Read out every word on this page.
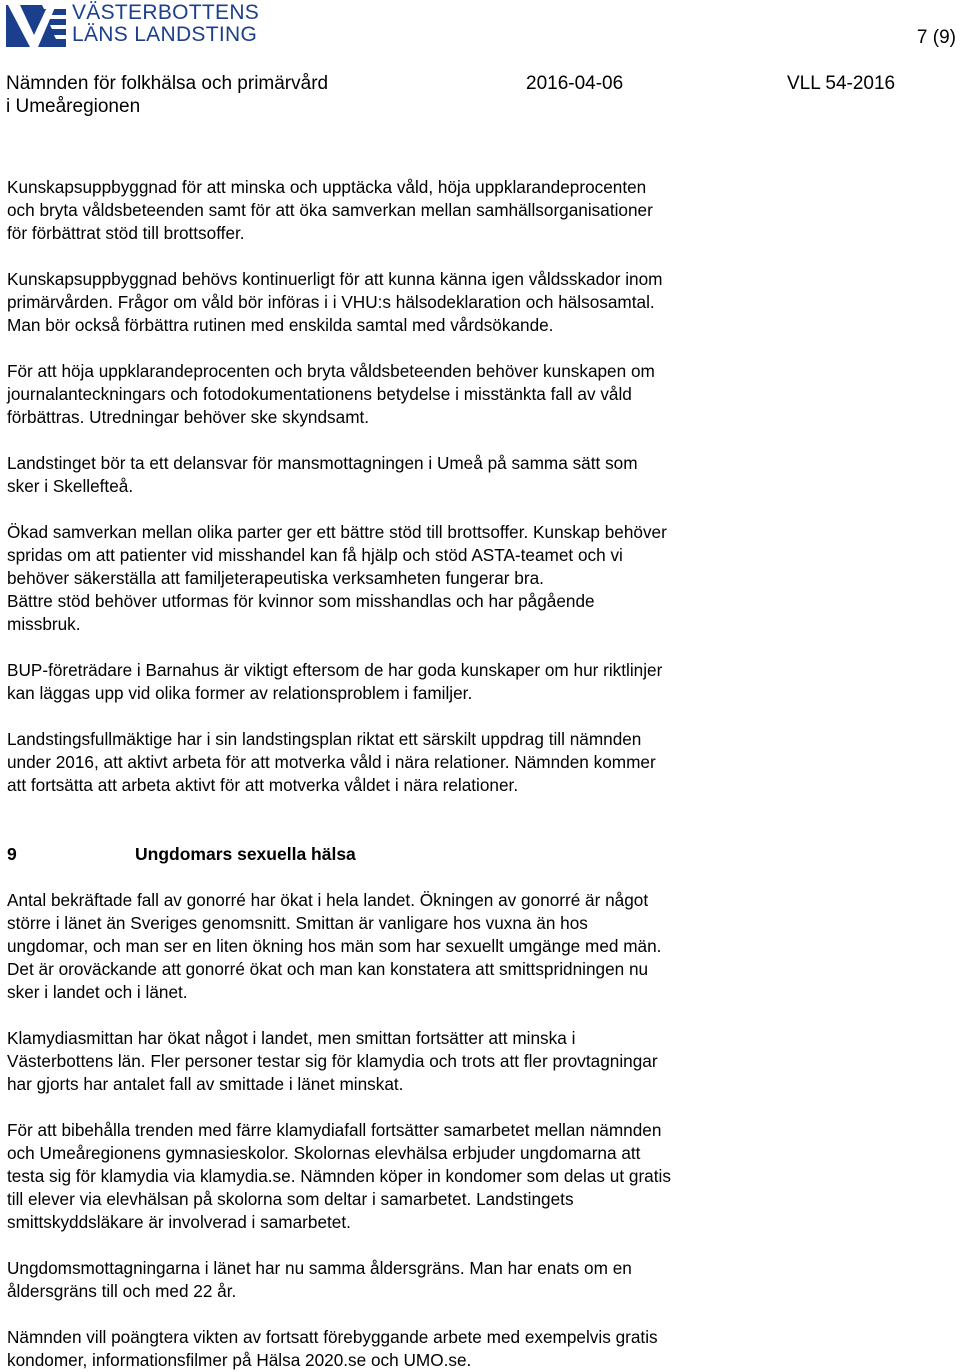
VÄSTERBOTTENS
LÄNS LANDSTING	7 (9)
Nämnden för folkhälsa och primärvård
i Umeåregionen
2016-04-06	VLL 54-2016
Kunskapsuppbyggnad för att minska och upptäcka våld, höja uppklarandeprocenten
och bryta våldsbeteenden samt för att öka samverkan mellan samhällsorganisationer
för förbättrat stöd till brottsoffer.
Kunskapsuppbyggnad behövs kontinuerligt för att kunna känna igen våldsskador inom
primärvården. Frågor om våld bör införas i i VHU:s hälsodeklaration och hälsosamtal.
Man bör också förbättra rutinen med enskilda samtal med vårdsökande.
För att höja uppklarandeprocenten och bryta våldsbeteenden behöver kunskapen om
journalanteckningars och fotodokumentationens betydelse i misstänkta fall av våld
förbättras. Utredningar behöver ske skyndsamt.
Landstinget bör ta ett delansvar för mansmottagningen i Umeå på samma sätt som
sker i Skellefteå.
Ökad samverkan mellan olika parter ger ett bättre stöd till brottsoffer. Kunskap behöver
spridas om att patienter vid misshandel kan få hjälp och stöd ASTA-teamet och vi
behöver säkerställa att familjeterapeutiska verksamheten fungerar bra.
Bättre stöd behöver utformas för kvinnor som misshandlas och har pågående
missbruk.
BUP-företrädare i Barnahus är viktigt eftersom de har goda kunskaper om hur riktlinjer
kan läggas upp vid olika former av relationsproblem i familjer.
Landstingsfullmäktige har i sin landstingsplan riktat ett särskilt uppdrag till nämnden
under 2016, att aktivt arbeta för att motverka våld i nära relationer. Nämnden kommer
att fortsätta att arbeta aktivt för att motverka våldet i nära relationer.
9	Ungdomars sexuella hälsa
Antal bekräftade fall av gonorré har ökat i hela landet. Ökningen av gonorré är något
större i länet än Sveriges genomsnitt. Smittan är vanligare hos vuxna än hos
ungdomar, och man ser en liten ökning hos män som har sexuellt umgänge med män.
Det är oroväckande att gonorré ökat och man kan konstatera att smittspridningen nu
sker i landet och i länet.
Klamydiasmittan har ökat något i landet, men smittan fortsätter att minska i
Västerbottens län. Fler personer testar sig för klamydia och trots att fler provtagningar
har gjorts har antalet fall av smittade i länet minskat.
För att bibehålla trenden med färre klamydiafall fortsätter samarbetet mellan nämnden
och Umeåregionens gymnasieskolor. Skolornas elevhälsa erbjuder ungdomarna att
testa sig för klamydia via klamydia.se. Nämnden köper in kondomer som delas ut gratis
till elever via elevhälsan på skolorna som deltar i samarbetet. Landstingets
smittskyddsläkare är involverad i samarbetet.
Ungdomsmottagningarna i länet har nu samma åldersgräns. Man har enats om en
åldersgräns till och med 22 år.
Nämnden vill poängtera vikten av fortsatt förebyggande arbete med exempelvis gratis
kondomer, informationsfilmer på Hälsa 2020.se och UMO.se.
